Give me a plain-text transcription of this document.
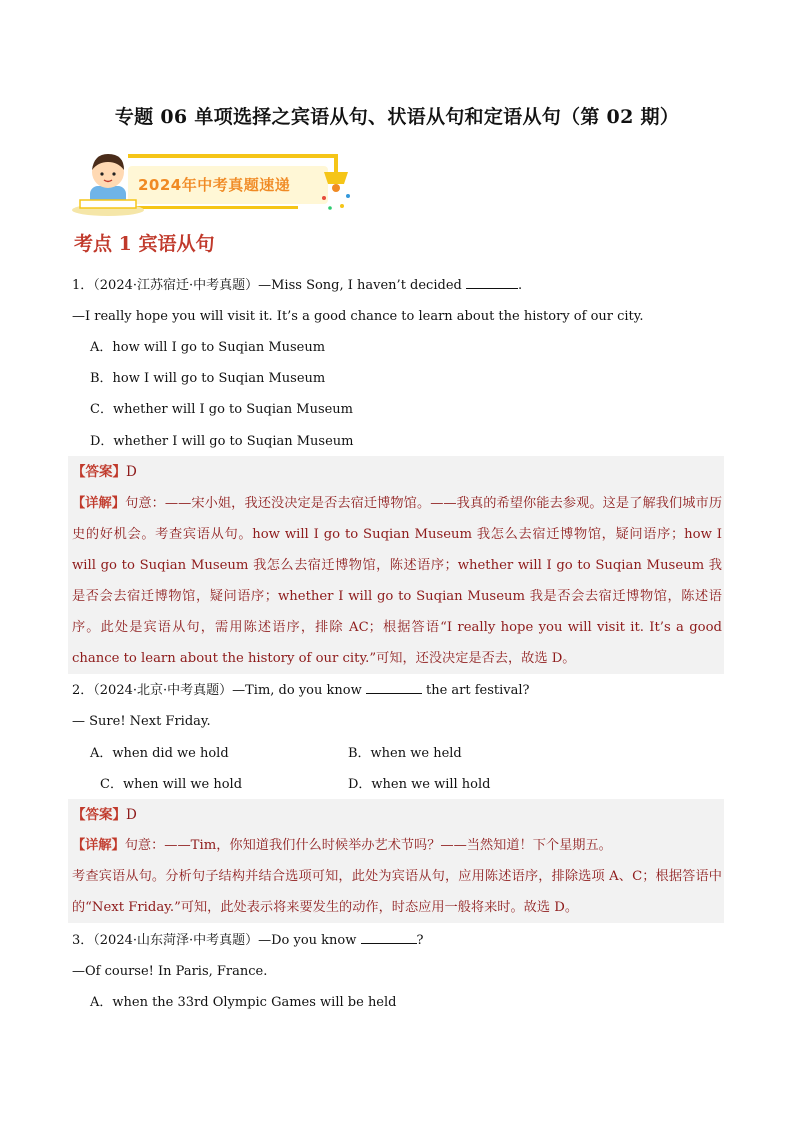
专题 06 单项选择之宾语从句、状语从句和定语从句（第 02 期）
2024年中考真题速递
考点 1 宾语从句
1．（2024·江苏宿迁·中考真题）—Miss Song, I haven’t decided	.
—I really hope you will visit it. It’s a good chance to learn about the history of our city.
A．how will I go to Suqian Museum
B．how I will go to Suqian Museum
C．whether will I go to Suqian Museum
D．whether I will go to Suqian Museum
【答案】D
【详解】句意：——宋小姐，我还没决定是否去宿迁博物馆。——我真的希望你能去参观。这是了解我们城市历史的好机会。考查宾语从句。how will I go to Suqian Museum 我怎么去宿迁博物馆，疑问语序；how I will go to Suqian Museum 我怎么去宿迁博物馆，陈述语序；whether will I go to Suqian Museum 我是否会去宿迁博物馆，疑问语序；whether I will go to Suqian Museum 我是否会去宿迁博物馆，陈述语序。此处是宾语从句，需用陈述语序，排除 AC；根据答语“I really hope you will visit it. It’s a good chance to learn about the history of our city.”可知，还没决定是否去，故选 D。
2．（2024·北京·中考真题）—Tim, do you know	the art festival?
— Sure! Next Friday.
A．when did we hold	B．when we held
C．when will we hold	D．when we will hold
【答案】D
【详解】句意：——Tim，你知道我们什么时候举办艺术节吗？——当然知道！下个星期五。
考查宾语从句。分析句子结构并结合选项可知，此处为宾语从句，应用陈述语序，排除选项 A、C；根据答语中的“Next Friday.”可知，此处表示将来要发生的动作，时态应用一般将来时。故选 D。
3．（2024·山东菏泽·中考真题）—Do you know	?
—Of course! In Paris, France.
A．when the 33rd Olympic Games will be held
